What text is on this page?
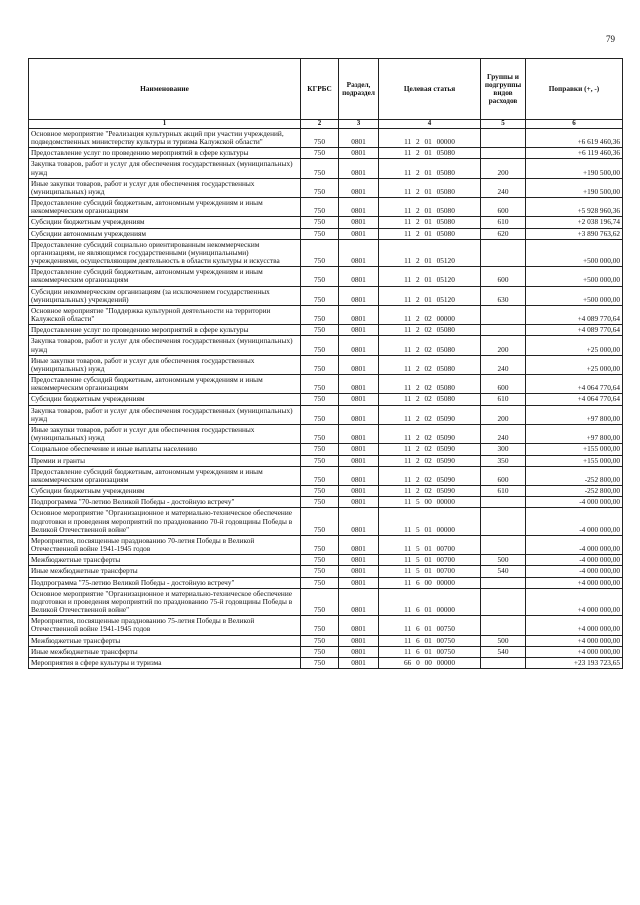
79
Наименование	КГРБС	Раздел, подраздел	Целевая статья	Группы и подгруппы видов расходов	Поправки (+, -)
1	2	3	4	5	6
Основное мероприятие "Реализация культурных акций при участии учреждений, подведомственных министерству культуры и туризма Калужской области"	750	0801	11 2 01 00000		+6 619 460,36
Предоставление услуг по проведению мероприятий в сфере культуры	750	0801	11 2 01 05080		+6 119 460,36
Закупка товаров, работ и услуг для обеспечения государственных (муниципальных) нужд	750	0801	11 2 01 05080	200	+190 500,00
Иные закупки товаров, работ и услуг для обеспечения государственных (муниципальных) нужд	750	0801	11 2 01 05080	240	+190 500,00
Предоставление субсидий бюджетным, автономным учреждениям и иным некоммерческим организациям	750	0801	11 2 01 05080	600	+5 928 960,36
Субсидии бюджетным учреждениям	750	0801	11 2 01 05080	610	+2 038 196,74
Субсидии автономным учреждениям	750	0801	11 2 01 05080	620	+3 890 763,62
Предоставление субсидий социально ориентированным некоммерческим организациям, не являющимся государственными (муниципальными) учреждениями, осуществляющим деятельность в области культуры и искусства	750	0801	11 2 01 05120		+500 000,00
Предоставление субсидий бюджетным, автономным учреждениям и иным некоммерческим организациям	750	0801	11 2 01 05120	600	+500 000,00
Субсидии некоммерческим организациям (за исключением государственных (муниципальных) учреждений)	750	0801	11 2 01 05120	630	+500 000,00
Основное мероприятие "Поддержка культурной деятельности на территории Калужской области"	750	0801	11 2 02 00000		+4 089 770,64
Предоставление услуг по проведению мероприятий в сфере культуры	750	0801	11 2 02 05080		+4 089 770,64
Закупка товаров, работ и услуг для обеспечения государственных (муниципальных) нужд	750	0801	11 2 02 05080	200	+25 000,00
Иные закупки товаров, работ и услуг для обеспечения государственных (муниципальных) нужд	750	0801	11 2 02 05080	240	+25 000,00
Предоставление субсидий бюджетным, автономным учреждениям и иным некоммерческим организациям	750	0801	11 2 02 05080	600	+4 064 770,64
Субсидии бюджетным учреждениям	750	0801	11 2 02 05080	610	+4 064 770,64
Закупка товаров, работ и услуг для обеспечения государственных (муниципальных) нужд	750	0801	11 2 02 05090	200	+97 800,00
Иные закупки товаров, работ и услуг для обеспечения государственных (муниципальных) нужд	750	0801	11 2 02 05090	240	+97 800,00
Социальное обеспечение и иные выплаты населению	750	0801	11 2 02 05090	300	+155 000,00
Премии и гранты	750	0801	11 2 02 05090	350	+155 000,00
Предоставление субсидий бюджетным, автономным учреждениям и иным некоммерческим организациям	750	0801	11 2 02 05090	600	-252 800,00
Субсидии бюджетным учреждениям	750	0801	11 2 02 05090	610	-252 800,00
Подпрограмма "70-летию Великой Победы - достойную встречу"	750	0801	11 5 00 00000		-4 000 000,00
Основное мероприятие "Организационное и материально-техническое обеспечение подготовки и проведения мероприятий по празднованию 70-й годовщины Победы в Великой Отечественной войне"	750	0801	11 5 01 00000		-4 000 000,00
Мероприятия, посвященные празднованию 70-летия Победы в Великой Отечественной войне 1941-1945 годов	750	0801	11 5 01 00700		-4 000 000,00
Межбюджетные трансферты	750	0801	11 5 01 00700	500	-4 000 000,00
Иные межбюджетные трансферты	750	0801	11 5 01 00700	540	-4 000 000,00
Подпрограмма "75-летию Великой Победы - достойную встречу"	750	0801	11 6 00 00000		+4 000 000,00
Основное мероприятие "Организационное и материально-техническое обеспечение подготовки и проведения мероприятий по празднованию 75-й годовщины Победы в Великой Отечественной войне"	750	0801	11 6 01 00000		+4 000 000,00
Мероприятия, посвященные празднованию 75-летия Победы в Великой Отечественной войне 1941-1945 годов	750	0801	11 6 01 00750		+4 000 000,00
Межбюджетные трансферты	750	0801	11 6 01 00750	500	+4 000 000,00
Иные межбюджетные трансферты	750	0801	11 6 01 00750	540	+4 000 000,00
Мероприятия в сфере культуры и туризма	750	0801	66 0 00 00000		+23 193 723,65
